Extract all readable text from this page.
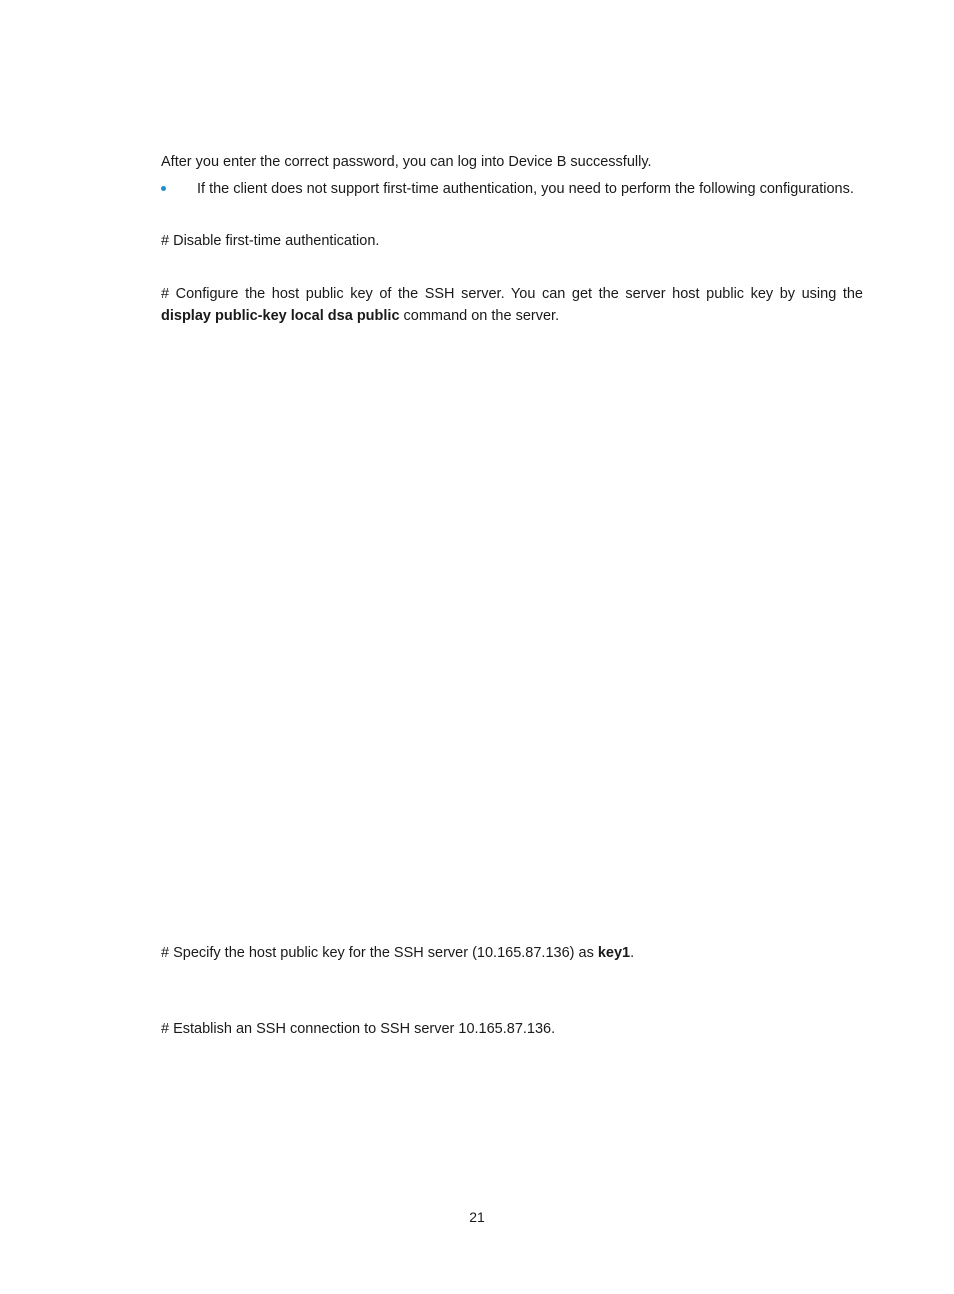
After you enter the correct password, you can log into Device B successfully.

If the client does not support first-time authentication, you need to perform the following configurations.

# Disable first-time authentication.

# Configure the host public key of the SSH server. You can get the server host public key by using the display public-key local dsa public command on the server.

# Specify the host public key for the SSH server (10.165.87.136) as key1.

# Establish an SSH connection to SSH server 10.165.87.136.

21
